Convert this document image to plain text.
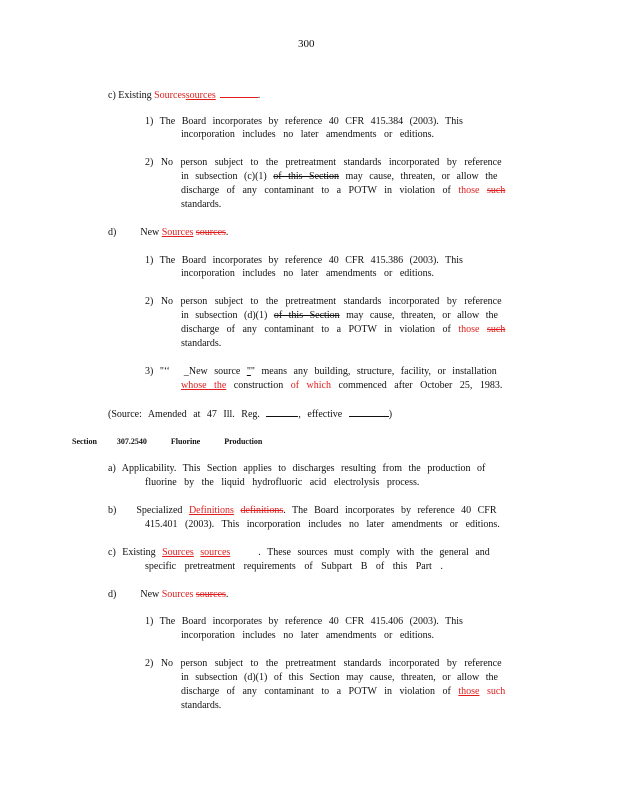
300
c) Existing Sourcessources	.
1) The Board incorporates by reference 40 CFR 415.384 (2003). This
incorporation includes no later amendments or editions.
2) No person subject to the pretreatment standards incorporated by reference
in subsection (c)(1) of this Section may cause, threaten, or allow the
discharge of any contaminant to a POTW in violation of those such
standards.
d) New Sources sources.
1) The Board incorporates by reference 40 CFR 415.386 (2003). This
incorporation includes no later amendments or editions.
2) No person subject to the pretreatment standards incorporated by reference
in subsection (d)(1) of this Section may cause, threaten, or allow the
discharge of any contaminant to a POTW in violation of those such
standards.
3) "‘‘ _New source "" means any building, structure, facility, or installation
whose the construction of which commenced after October 25, 1983.
(Source: Amended at 47 Ill. Reg.	, effective	)
Section	307.2540	Fluorine Production
a) Applicability. This Section applies to discharges resulting from the production of
fluorine by the liquid hydrofluoric acid electrolysis process.
b) Specialized Definitions definitions. The Board incorporates by reference 40 CFR
415.401 (2003). This incorporation includes no later amendments or editions.
c) Existing Sources sources	. These sources must comply with the general and
specific pretreatment requirements of Subpart B of this Part .
d) New Sources sources.
1) The Board incorporates by reference 40 CFR 415.406 (2003). This
incorporation includes no later amendments or editions.
2) No person subject to the pretreatment standards incorporated by reference
in subsection (d)(1) of this Section may cause, threaten, or allow the
discharge of any contaminant to a POTW in violation of those such
standards.
